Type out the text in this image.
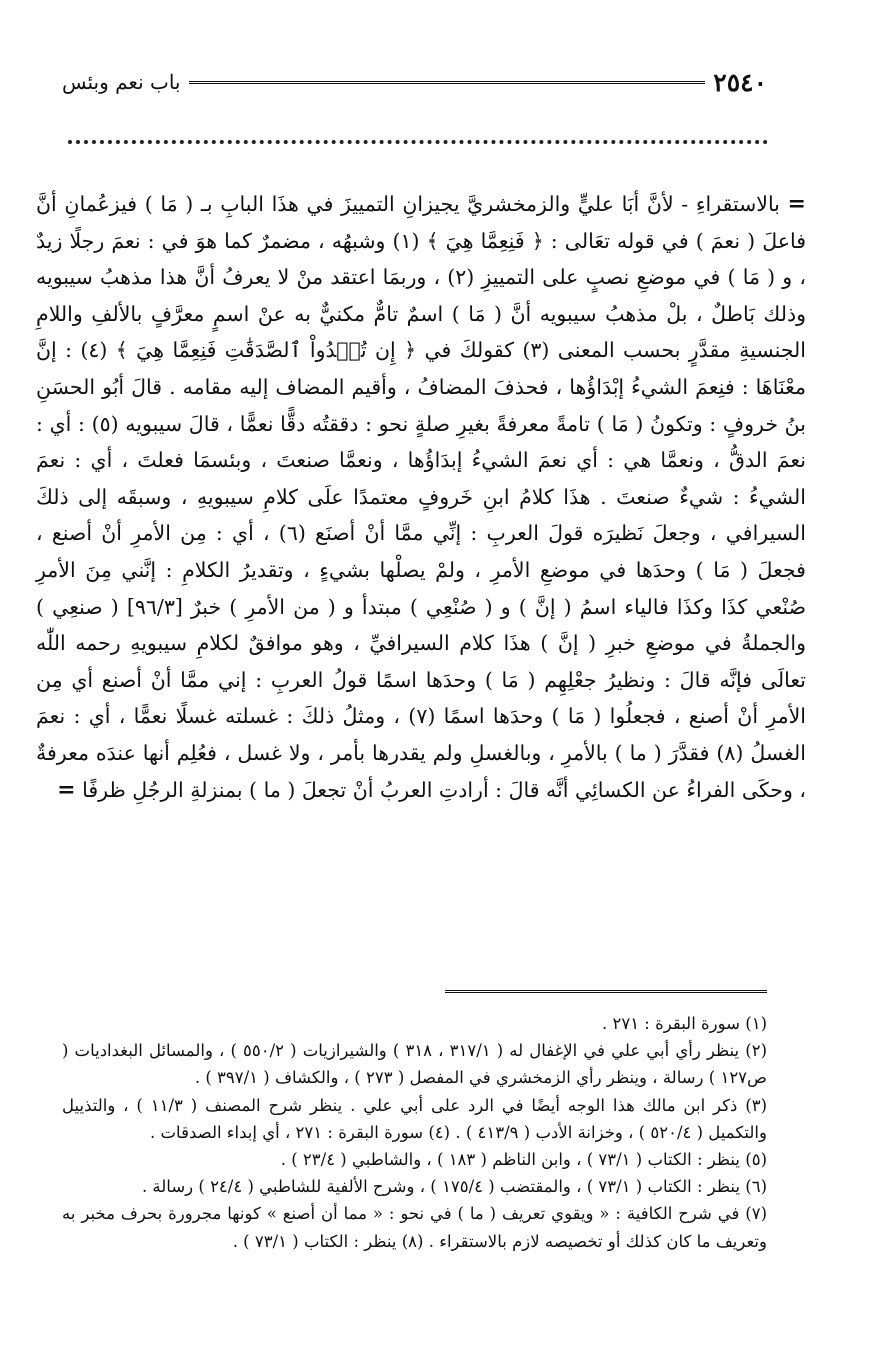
٢٥٤٠
باب نعم وبئس

= بالاستقراءِ - لأنَّ أبَا عليٍّ والزمخشريَّ يجيزانِ التمييزَ في هذَا البابِ بـ ( مَا ) فيزعُمانِ أنَّ فاعلَ ( نعمَ ) في قوله تعَالى : ﴿ فَنِعِمَّا هِيَ ﴾ (١) وشبهُه ، مضمرٌ كما هوَ في : نعمَ رجلًا زيدٌ ، و ( مَا ) في موضعِ نصبٍ على التمييزِ (٢) ، وربمَا اعتقد منْ لا يعرفُ أنَّ هذا مذهبُ سيبويه وذلك بَاطلٌ ، بلْ مذهبُ سيبويه أنَّ ( مَا ) اسمٌ تامٌّ مكنيٌّ به عنْ اسمٍ معرَّفٍ بالألفِ واللامِ الجنسيةِ مقدَّرٍ بحسب المعنى (٣) كقولكَ في ﴿ إِن تُبۡدُواْ ٱلصَّدَقَٰتِ فَنِعِمَّا هِيَ ﴾ (٤) : إنَّ معْنَاهَا : فنِعمَ الشيءُ إبْدَاؤُها ، فحذفَ المضافُ ، وأقيم المضاف إليه مقامه . قالَ أبُو الحسَنِ بنُ خروفٍ : وتكونُ ( مَا ) تامةً معرفةً بغيرِ صلةٍ نحو : دققتُه دقًّا نعمًّا ، قالَ سيبويه (٥) : أي : نعمَ الدقُّ ، ونعمَّا هي : أي نعمَ الشيءُ إبدَاؤُها ، ونعمَّا صنعتَ ، وبئسمَا فعلتَ ، أي : نعمَ الشيءُ : شيءٌ صنعتَ . هذَا كلامُ ابنِ خَروفٍ معتمدًا علَى كلامِ سيبويهِ ، وسبقَه إلى ذلكَ السيرافي ، وجعلَ نَظيرَه قولَ العربِ : إنِّي ممَّا أنْ أصنَع (٦) ، أي : مِن الأمرِ أنْ أصنع ، فجعلَ ( مَا ) وحدَها في موضعِ الأمرِ ، ولمْ يصلْها بشيءٍ ، وتقديرُ الكلامِ : إنَّني مِنَ الأمرِ صُنْعي كذَا وكذَا فالياء اسمُ ( إنَّ ) و ( صُنْعِي ) مبتدأ و ( من الأمرِ ) خبرٌ [٩٦/٣] ( صنعِي ) والجملةُ في موضعِ خبرِ ( إنَّ ) هذَا كلام السيرافيِّ ، وهو موافقٌ لكلامِ سيبويهِ رحمه اللّٰه تعالَى فإنَّه قالَ : ونظيرُ جعْلِهِم ( مَا ) وحدَها اسمًا قولُ العربِ : إني ممَّا أنْ أصنع أي مِن الأمرِ أنْ أصنع ، فجعلُوا ( مَا ) وحدَها اسمًا (٧) ، ومثلُ ذلكَ : غسلته غسلًا نعمًّا ، أي : نعمَ الغسلُ (٨) فقدَّرَ ( ما ) بالأمرِ ، وبالغسلِ ولم يقدرها بأمر ، ولا غسل ، فعُلِم أنها عندَه معرفةٌ ، وحكَى الفراءُ عن الكسائِي أنَّه قالَ : أرادتِ العربُ أنْ تجعلَ ( ما ) بمنزلةِ الرجُلِ ظرفًا =

(١) سورة البقرة : ٢٧١ .

(٢) ينظر رأي أبي علي في الإغفال له ( ٣١٧/١ ، ٣١٨ ) والشيرازيات ( ٥٥٠/٢ ) ، والمسائل البغداديات ( ص١٢٧ ) رسالة ، وينظر رأي الزمخشري في المفصل ( ٢٧٣ ) ، والكشاف ( ٣٩٧/١ ) .

(٣) ذكر ابن مالك هذا الوجه أيضًا في الرد على أبي علي . ينظر شرح المصنف ( ١١/٣ ) ، والتذييل والتكميل ( ٥٢٠/٤ ) ، وخزانة الأدب ( ٤١٣/٩ ) . (٤) سورة البقرة : ٢٧١ ، أي إبداء الصدقات .

(٥) ينظر : الكتاب ( ٧٣/١ ) ، وابن الناظم ( ١٨٣ ) ، والشاطبي ( ٢٣/٤ ) .

(٦) ينظر : الكتاب ( ٧٣/١ ) ، والمقتضب ( ١٧٥/٤ ) ، وشرح الألفية للشاطبي ( ٢٤/٤ ) رسالة .

(٧) في شرح الكافية : « ويقوي تعريف ( ما ) في نحو : « مما أن أصنع » كونها مجرورة بحرف مخبر به وتعريف ما كان كذلك أو تخصيصه لازم بالاستقراء . (٨) ينظر : الكتاب ( ٧٣/١ ) .
